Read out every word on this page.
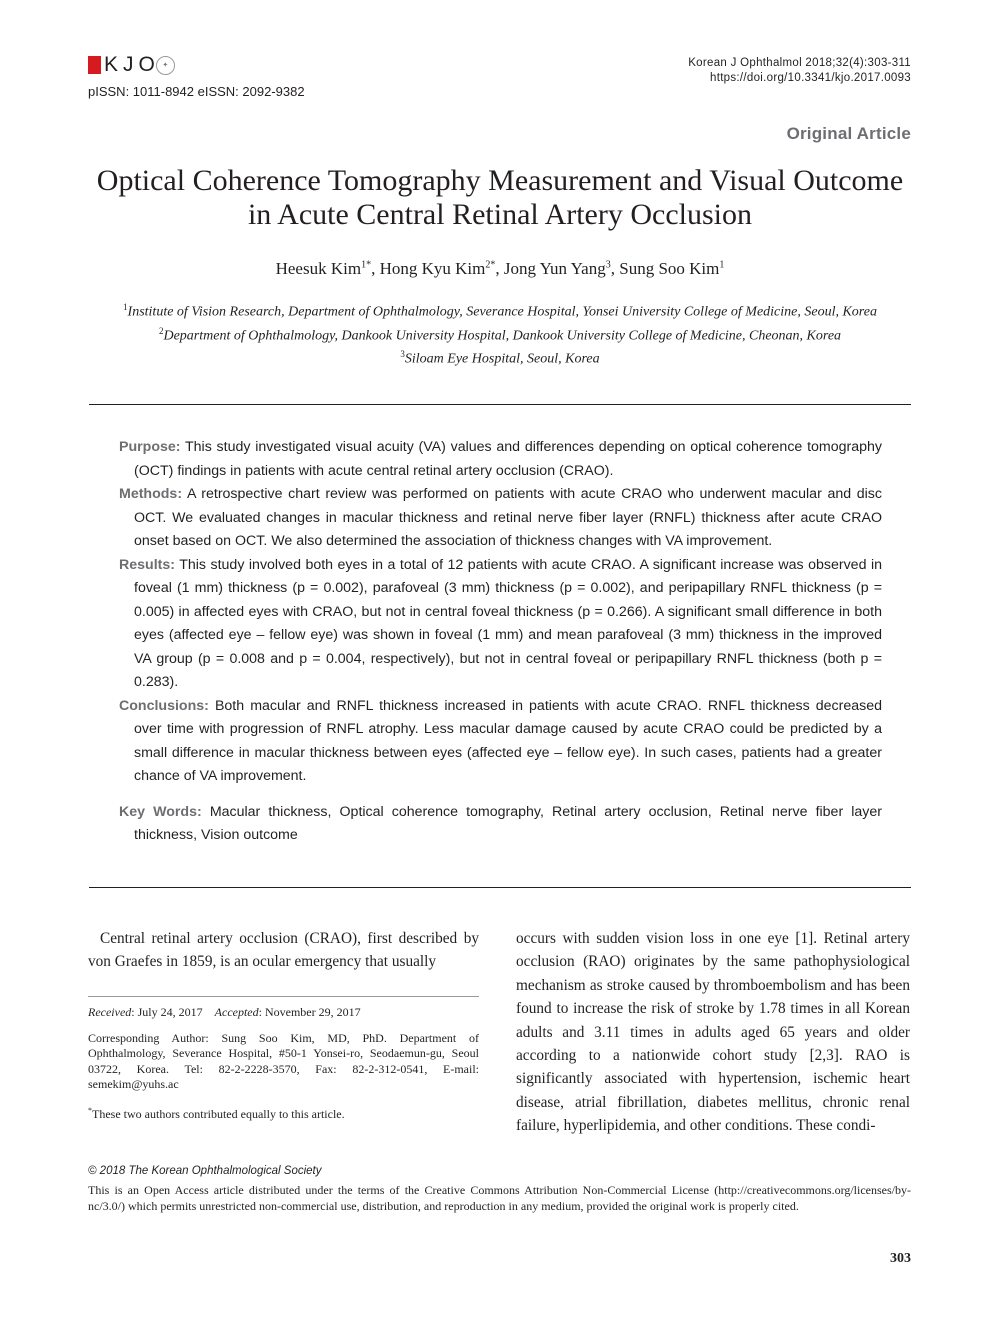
KJO ✦
pISSN: 1011-8942 eISSN: 2092-9382
Korean J Ophthalmol 2018;32(4):303-311
https://doi.org/10.3341/kjo.2017.0093
Original Article
Optical Coherence Tomography Measurement and Visual Outcome
in Acute Central Retinal Artery Occlusion
Heesuk Kim$^{1*}$, Hong Kyu Kim$^{2*}$, Jong Yun Yang$^3$, Sung Soo Kim$^1$
$^1$Institute of Vision Research, Department of Ophthalmology, Severance Hospital, Yonsei University College of Medicine, Seoul, Korea
$^2$Department of Ophthalmology, Dankook University Hospital, Dankook University College of Medicine, Cheonan, Korea
$^3$Siloam Eye Hospital, Seoul, Korea

Purpose: This study investigated visual acuity (VA) values and differences depending on optical coherence tomography (OCT) findings in patients with acute central retinal artery occlusion (CRAO).

Methods: A retrospective chart review was performed on patients with acute CRAO who underwent macular and disc OCT. We evaluated changes in macular thickness and retinal nerve fiber layer (RNFL) thickness after acute CRAO onset based on OCT. We also determined the association of thickness changes with VA improvement.

Results: This study involved both eyes in a total of 12 patients with acute CRAO. A significant increase was observed in foveal (1 mm) thickness (p = 0.002), parafoveal (3 mm) thickness (p = 0.002), and peripapillary RNFL thickness (p = 0.005) in affected eyes with CRAO, but not in central foveal thickness (p = 0.266). A significant small difference in both eyes (affected eye – fellow eye) was shown in foveal (1 mm) and mean parafoveal (3 mm) thickness in the improved VA group (p = 0.008 and p = 0.004, respectively), but not in central foveal or peripapillary RNFL thickness (both p = 0.283).

Conclusions: Both macular and RNFL thickness increased in patients with acute CRAO. RNFL thickness decreased over time with progression of RNFL atrophy. Less macular damage caused by acute CRAO could be predicted by a small difference in macular thickness between eyes (affected eye – fellow eye). In such cases, patients had a greater chance of VA improvement.

Key Words: Macular thickness, Optical coherence tomography, Retinal artery occlusion, Retinal nerve fiber layer thickness, Vision outcome

Central retinal artery occlusion (CRAO), first described by von Graefes in 1859, is an ocular emergency that usually
occurs with sudden vision loss in one eye [1]. Retinal artery occlusion (RAO) originates by the same pathophysiological mechanism as stroke caused by thromboembolism and has been found to increase the risk of stroke by 1.78 times in all Korean adults and 3.11 times in adults aged 65 years and older according to a nationwide cohort study [2,3]. RAO is significantly associated with hypertension, ischemic heart disease, atrial fibrillation, diabetes mellitus, chronic renal failure, hyperlipidemia, and other conditions. These condi-

Received: July 24, 2017 Accepted: November 29, 2017

Corresponding Author: Sung Soo Kim, MD, PhD. Department of Ophthalmology, Severance Hospital, #50-1 Yonsei-ro, Seodaemun-gu, Seoul 03722, Korea. Tel: 82-2-2228-3570, Fax: 82-2-312-0541, E-mail: semekim@yuhs.ac

*These two authors contributed equally to this article.

© 2018 The Korean Ophthalmological Society
This is an Open Access article distributed under the terms of the Creative Commons Attribution Non-Commercial License (http://creativecommons.org/licenses/by-nc/3.0/) which permits unrestricted non-commercial use, distribution, and reproduction in any medium, provided the original work is properly cited.
303
